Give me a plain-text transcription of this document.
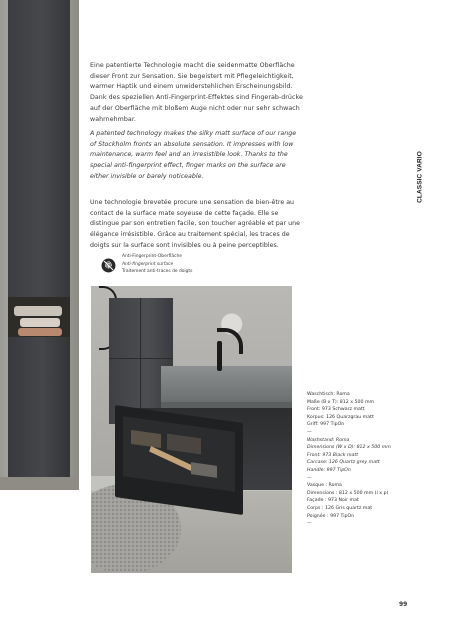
Eine patentierte Technologie macht die seidenmatte Oberfläche dieser Front zur Sensation. Sie begeistert mit Pflegeleichtigkeit, warmer Haptik und einem unwiderstehlichen Erscheinungsbild. Dank des speziellen Anti-Fingerprint-Effektes sind Fingerab-drücke auf der Oberfläche mit bloßem Auge nicht oder nur sehr schwach wahrnehmbar.

A patented technology makes the silky matt surface of our range of Stockholm fronts an absolute sensation. It impresses with low maintenance, warm feel and an irresistible look. Thanks to the special anti-fingerprint effect, finger marks on the surface are either invisible or barely noticeable.

Une technologie brevetée procure une sensation de bien-être au contact de la surface mate soyeuse de cette façade. Elle se distingue par son entretien facile, son toucher agréable et par une élégance irrésistible. Grâce au traitement spécial, les traces de doigts sur la surface sont invisibles ou à peine perceptibles.

CLASSIC VARIO
Anti-Fingerprint-Oberfläche
Anti-fingerprint surface
Traitement anti-traces de doigts
Waschtisch: Roma
Maße (B x T): 812 x 500 mm
Front: 973 Schwarz matt
Korpus: 126 Quarzgrau matt
Griff: 997 TipOn
—
Washstand: Roma
Dimensions (W x D): 812 x 500 mm
Front: 973 Black matt
Carcase: 126 Quartz grey matt
Handle: 997 TipOn
—
Vasque : Roma
Dimensions : 812 x 500 mm (l x p)
Façade : 973 Noir mat
Corps : 126 Gris quartz mat
Poignée : 997 TipOn
—
99
